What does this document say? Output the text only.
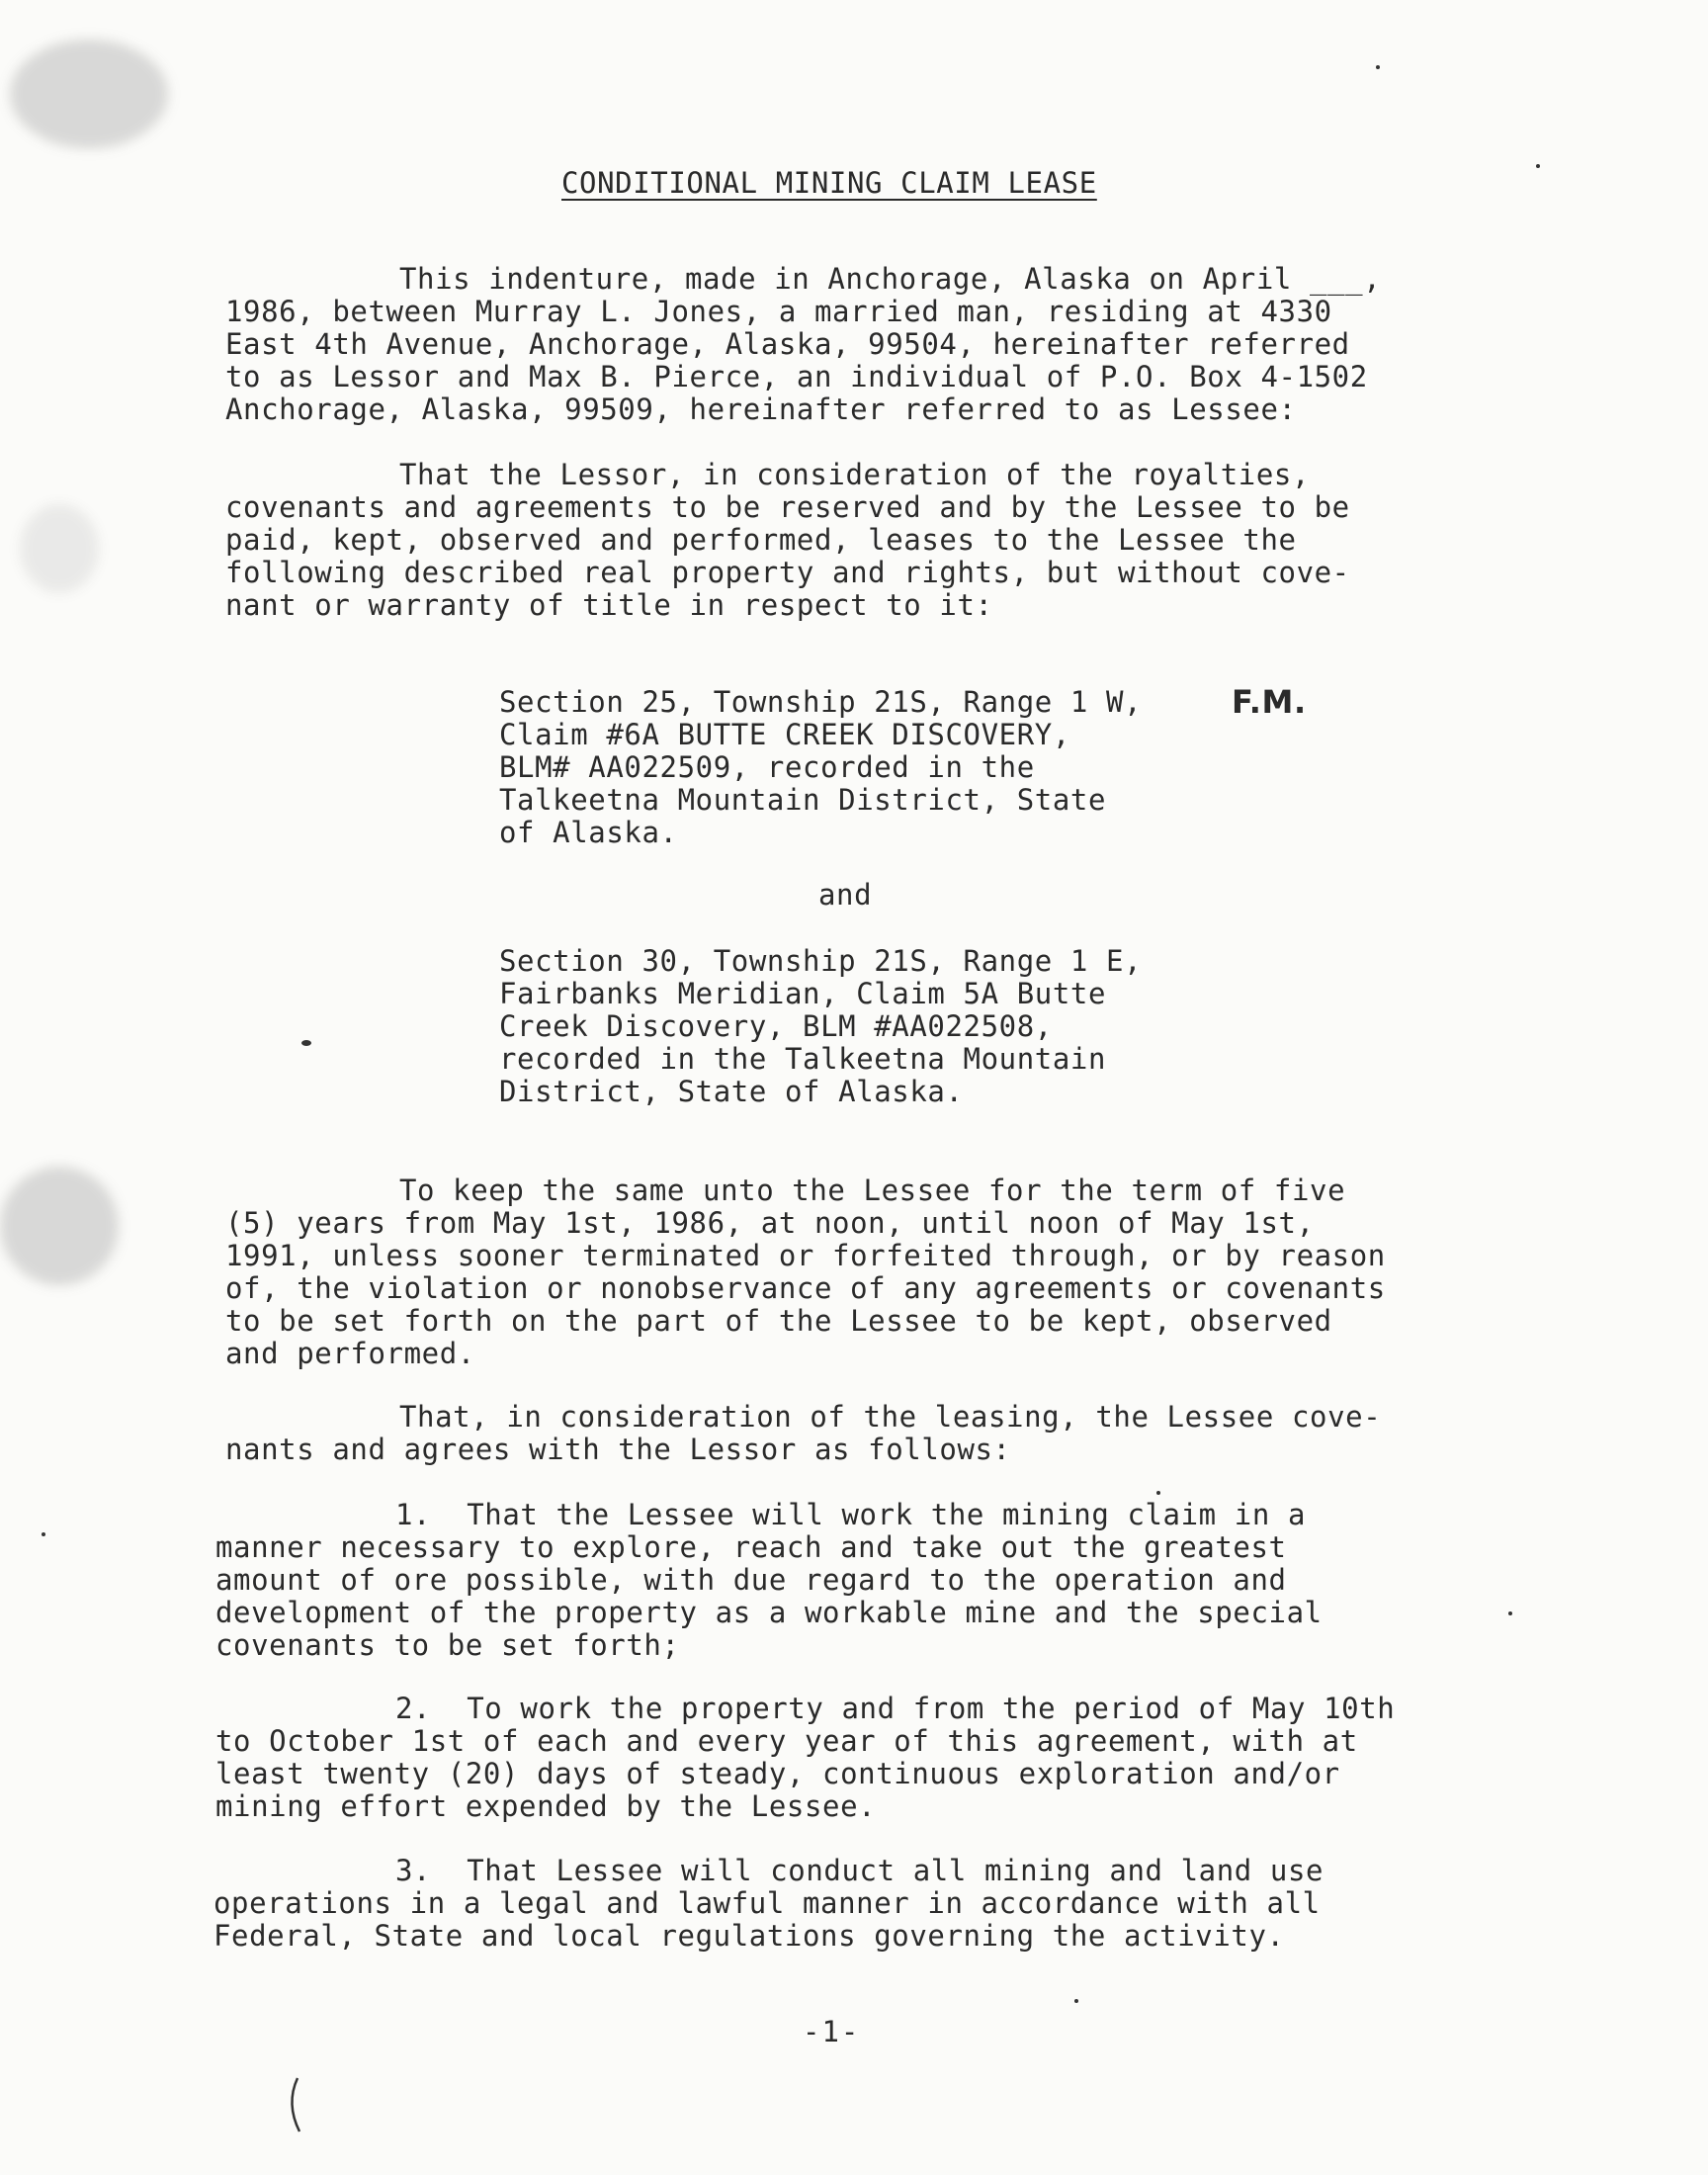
CONDITIONAL MINING CLAIM LEASE
This indenture, made in Anchorage, Alaska on April ___,
1986, between Murray L. Jones, a married man, residing at 4330
East 4th Avenue, Anchorage, Alaska, 99504, hereinafter referred
to as Lessor and Max B. Pierce, an individual of P.O. Box 4-1502
Anchorage, Alaska, 99509, hereinafter referred to as Lessee:
That the Lessor, in consideration of the royalties,
covenants and agreements to be reserved and by the Lessee to be
paid, kept, observed and performed, leases to the Lessee the
following described real property and rights, but without cove-
nant or warranty of title in respect to it:
Section 25, Township 21S, Range 1 W,	F.M.
Claim #6A BUTTE CREEK DISCOVERY,
BLM# AA022509, recorded in the
Talkeetna Mountain District, State
of Alaska.
and
Section 30, Township 21S, Range 1 E,
Fairbanks Meridian, Claim 5A Butte
Creek Discovery, BLM #AA022508,
recorded in the Talkeetna Mountain
District, State of Alaska.
To keep the same unto the Lessee for the term of five
(5) years from May 1st, 1986, at noon, until noon of May 1st,
1991, unless sooner terminated or forfeited through, or by reason
of, the violation or nonobservance of any agreements or covenants
to be set forth on the part of the Lessee to be kept, observed
and performed.
That, in consideration of the leasing, the Lessee cove-
nants and agrees with the Lessor as follows:
1.  That the Lessee will work the mining claim in a
manner necessary to explore, reach and take out the greatest
amount of ore possible, with due regard to the operation and
development of the property as a workable mine and the special
covenants to be set forth;
2.  To work the property and from the period of May 10th
to October 1st of each and every year of this agreement, with at
least twenty (20) days of steady, continuous exploration and/or
mining effort expended by the Lessee.
3.  That Lessee will conduct all mining and land use
operations in a legal and lawful manner in accordance with all
Federal, State and local regulations governing the activity.
-1-
